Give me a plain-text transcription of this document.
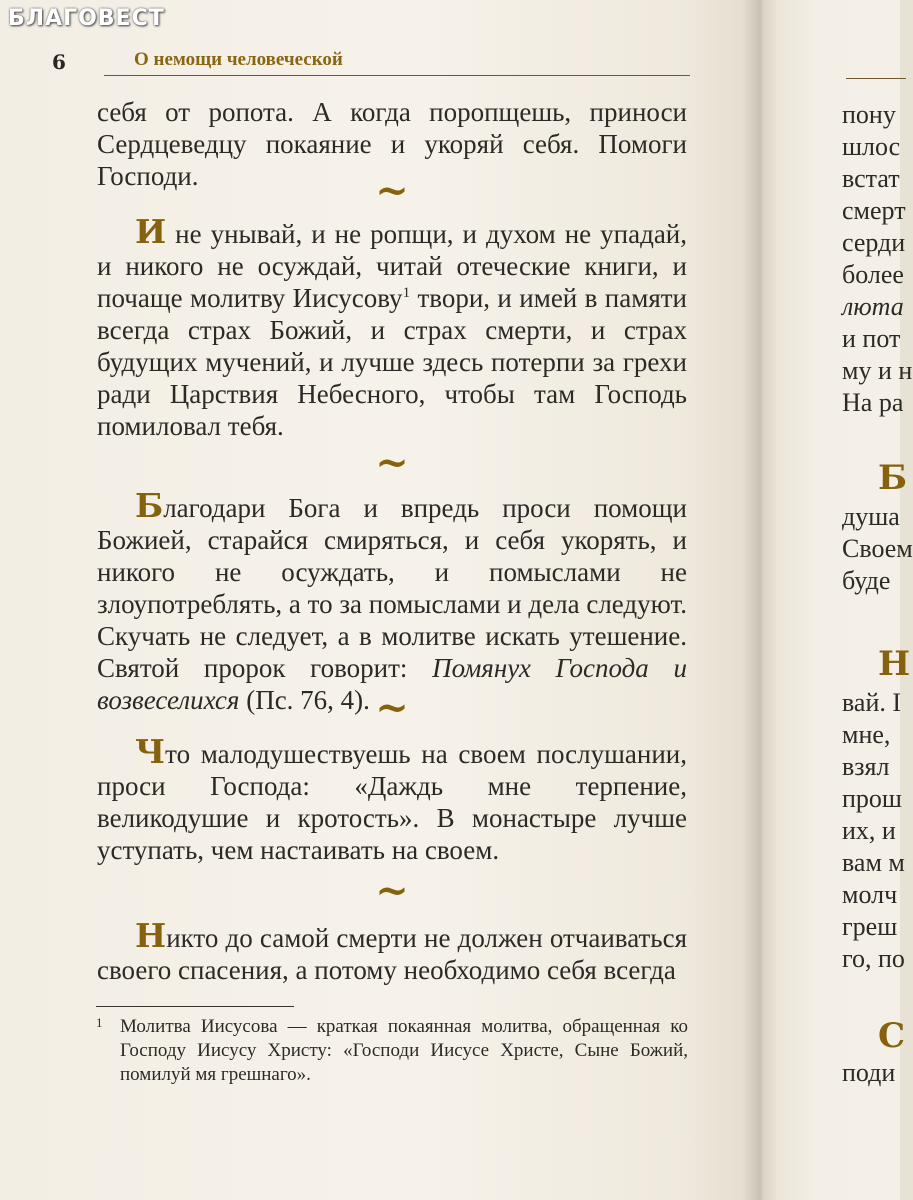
пону
шлос
встат
смерт
серди
более
люта
и пот
му и н
На ра
Б
душа
Своем
буде
Н
вай. I
мне,
взял
прош
их, и
вам м
молч
греш
го, по
С
поди
БЛАГОВЕСТ
6	О немощи человеческой

себя от ропота. А когда поропщешь, приноси Сердцеведцу покаяние и укоряй себя. Помоги Господи.	~

И не унывай, и не ропщи, и духом не упадай, и никого не осуждай, читай отеческие книги, и почаще молитву Иисусову$^1$ твори, и имей в памяти всегда страх Божий, и страх смерти, и страх будущих мучений, и лучше здесь потерпи за грехи ради Царствия Небесного, чтобы там Господь помиловал тебя.

~

Благодари Бога и впредь проси помощи Божией, старайся смиряться, и себя укорять, и никого не осуждать, и помыслами не злоупотреблять, а то за помыслами и дела следуют. Скучать не следует, а в молитве искать утешение. Святой пророк говорит: Помянух Господа и возвеселихся (Пс. 76, 4). ~

Что малодушествуешь на своем послушании, проси Господа: «Даждь мне терпение, великодушие и кротость». В монастыре лучше уступать, чем настаивать на своем.

~

Никто до самой смерти не должен отчаиваться своего спасения, а потому необходимо себя всегда

1 Молитва Иисусова — краткая покаянная молитва, обращенная ко Господу Иисусу Христу: «Господи Иисусе Христе, Сыне Божий, помилуй мя грешнаго».
